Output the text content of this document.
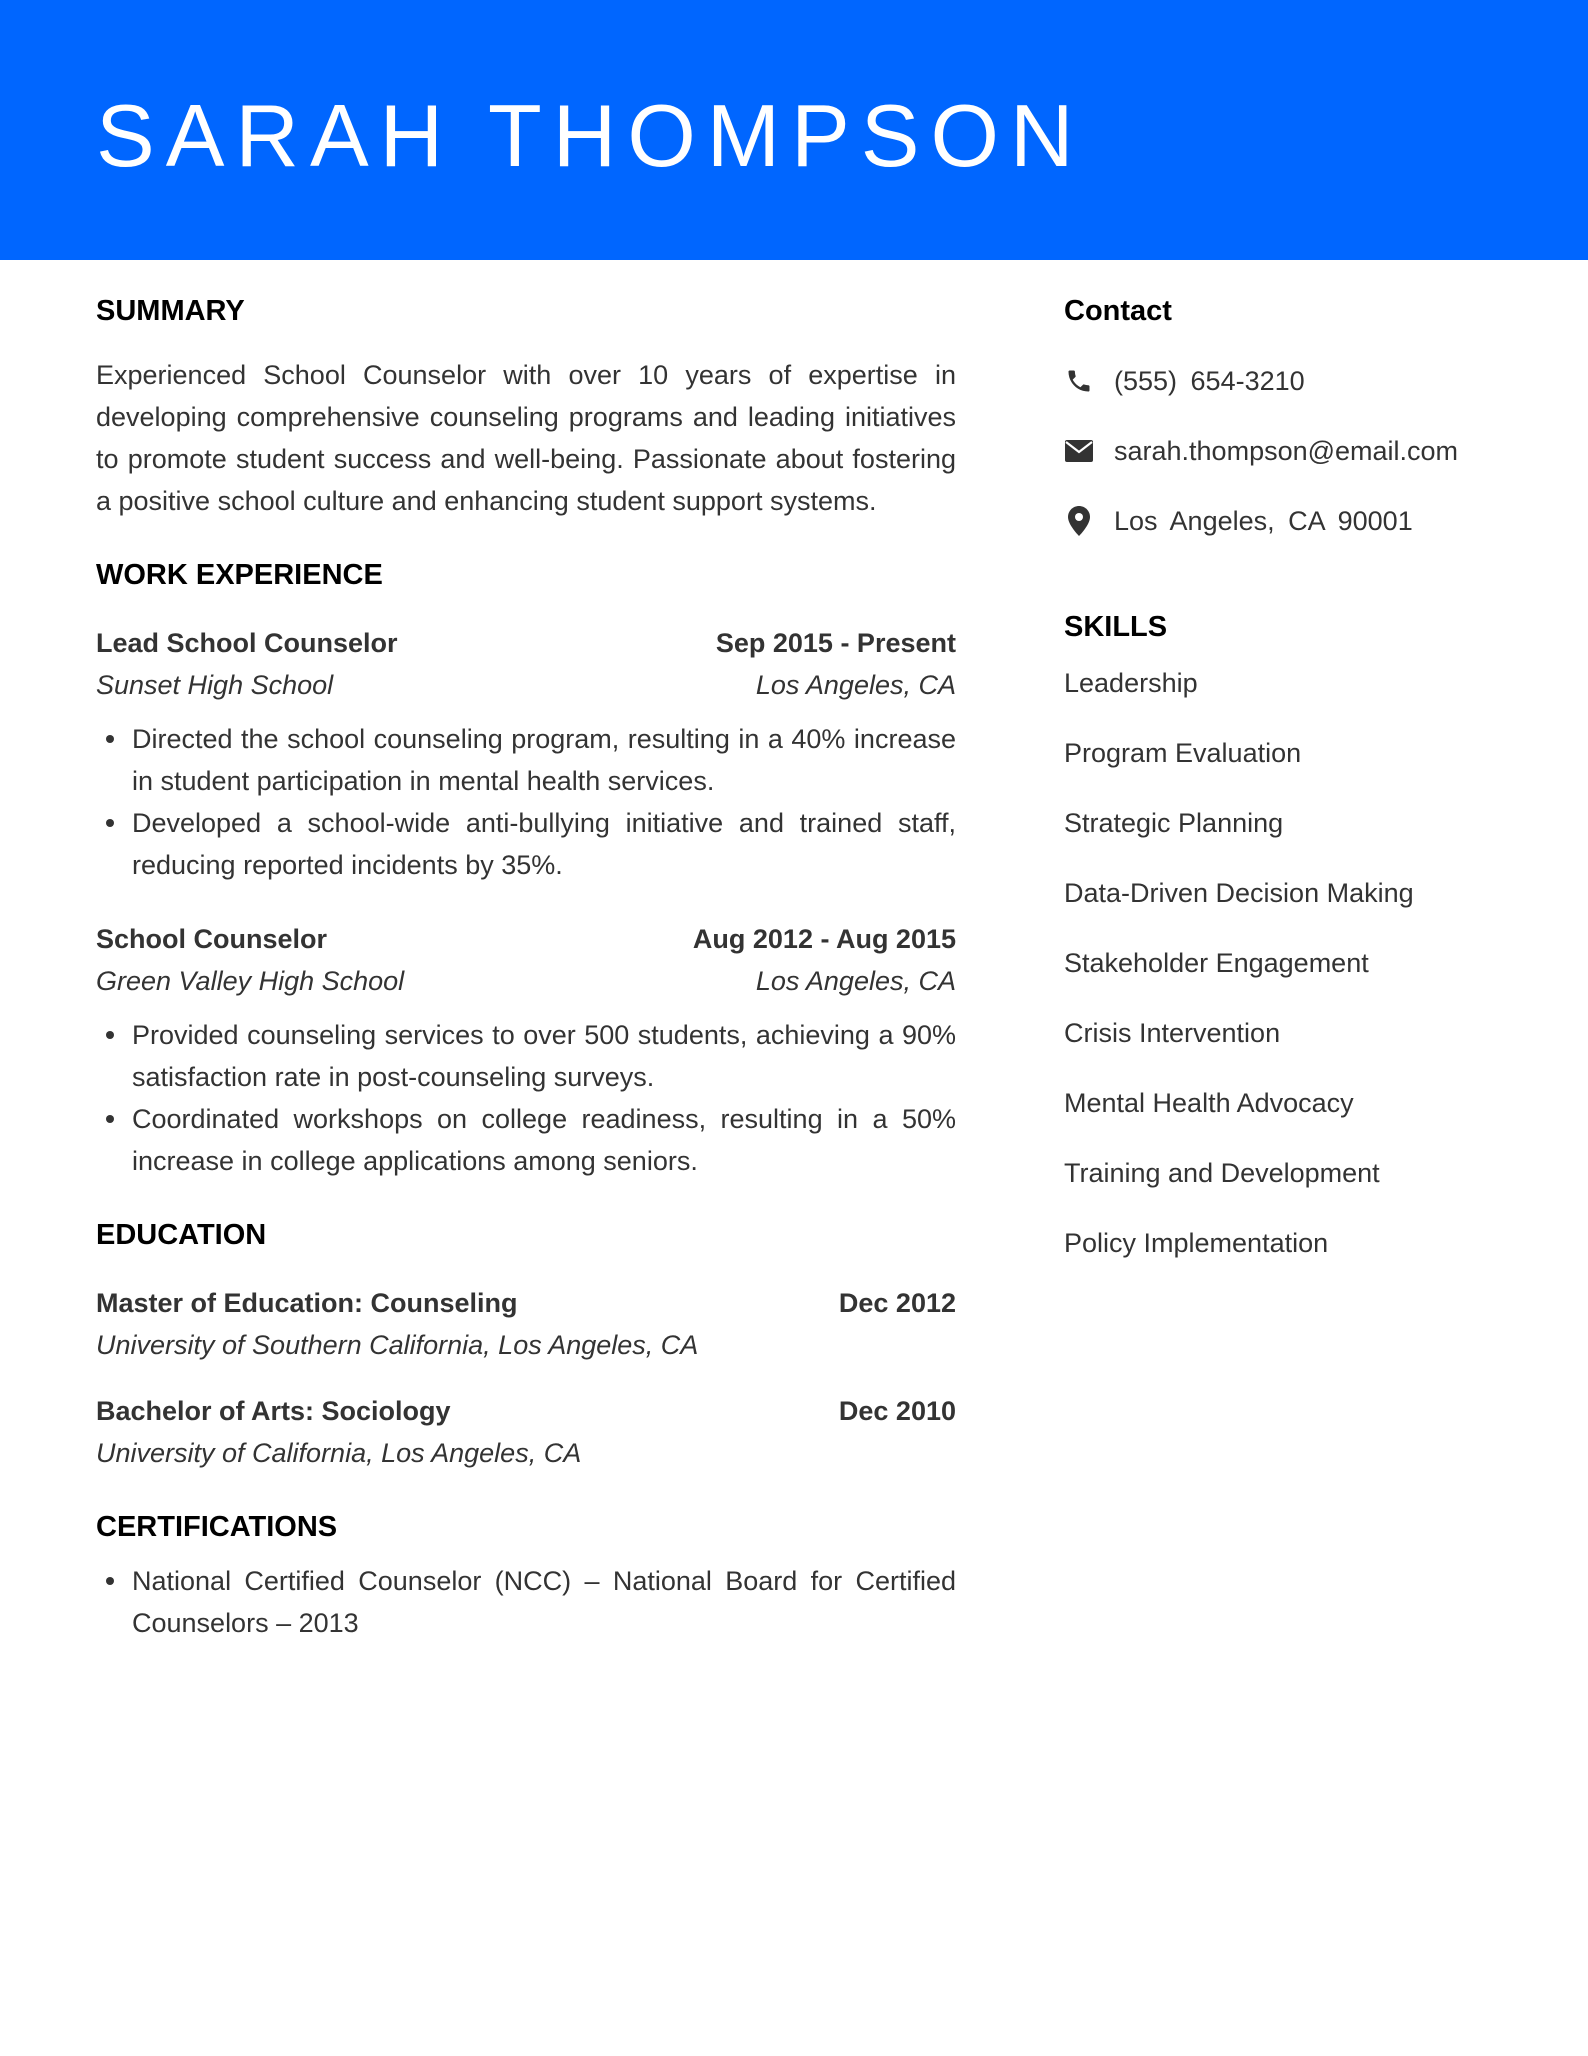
SARAH THOMPSON
SUMMARY

Experienced School Counselor with over 10 years of expertise in developing comprehensive counseling programs and leading initiatives to promote student success and well-being. Passionate about fostering a positive school culture and enhancing student support systems.

WORK EXPERIENCE
Lead School Counselor	Sep 2015 - Present
Sunset High School	Los Angeles, CA
Directed the school counseling program, resulting in a 40% increase in student participation in mental health services.
Developed a school-wide anti-bullying initiative and trained staff, reducing reported incidents by 35%.
School Counselor	Aug 2012 - Aug 2015
Green Valley High School	Los Angeles, CA
Provided counseling services to over 500 students, achieving a 90% satisfaction rate in post-counseling surveys.
Coordinated workshops on college readiness, resulting in a 50% increase in college applications among seniors.
EDUCATION
Master of Education: Counseling	Dec 2012
University of Southern California, Los Angeles, CA
Bachelor of Arts: Sociology	Dec 2010
University of California, Los Angeles, CA
CERTIFICATIONS
National Certified Counselor (NCC) – National Board for Certified Counselors – 2013
Contact
(555) 654-3210
sarah.thompson@email.com
Los Angeles, CA 90001
SKILLS
Leadership
Program Evaluation
Strategic Planning
Data-Driven Decision Making
Stakeholder Engagement
Crisis Intervention
Mental Health Advocacy
Training and Development
Policy Implementation
